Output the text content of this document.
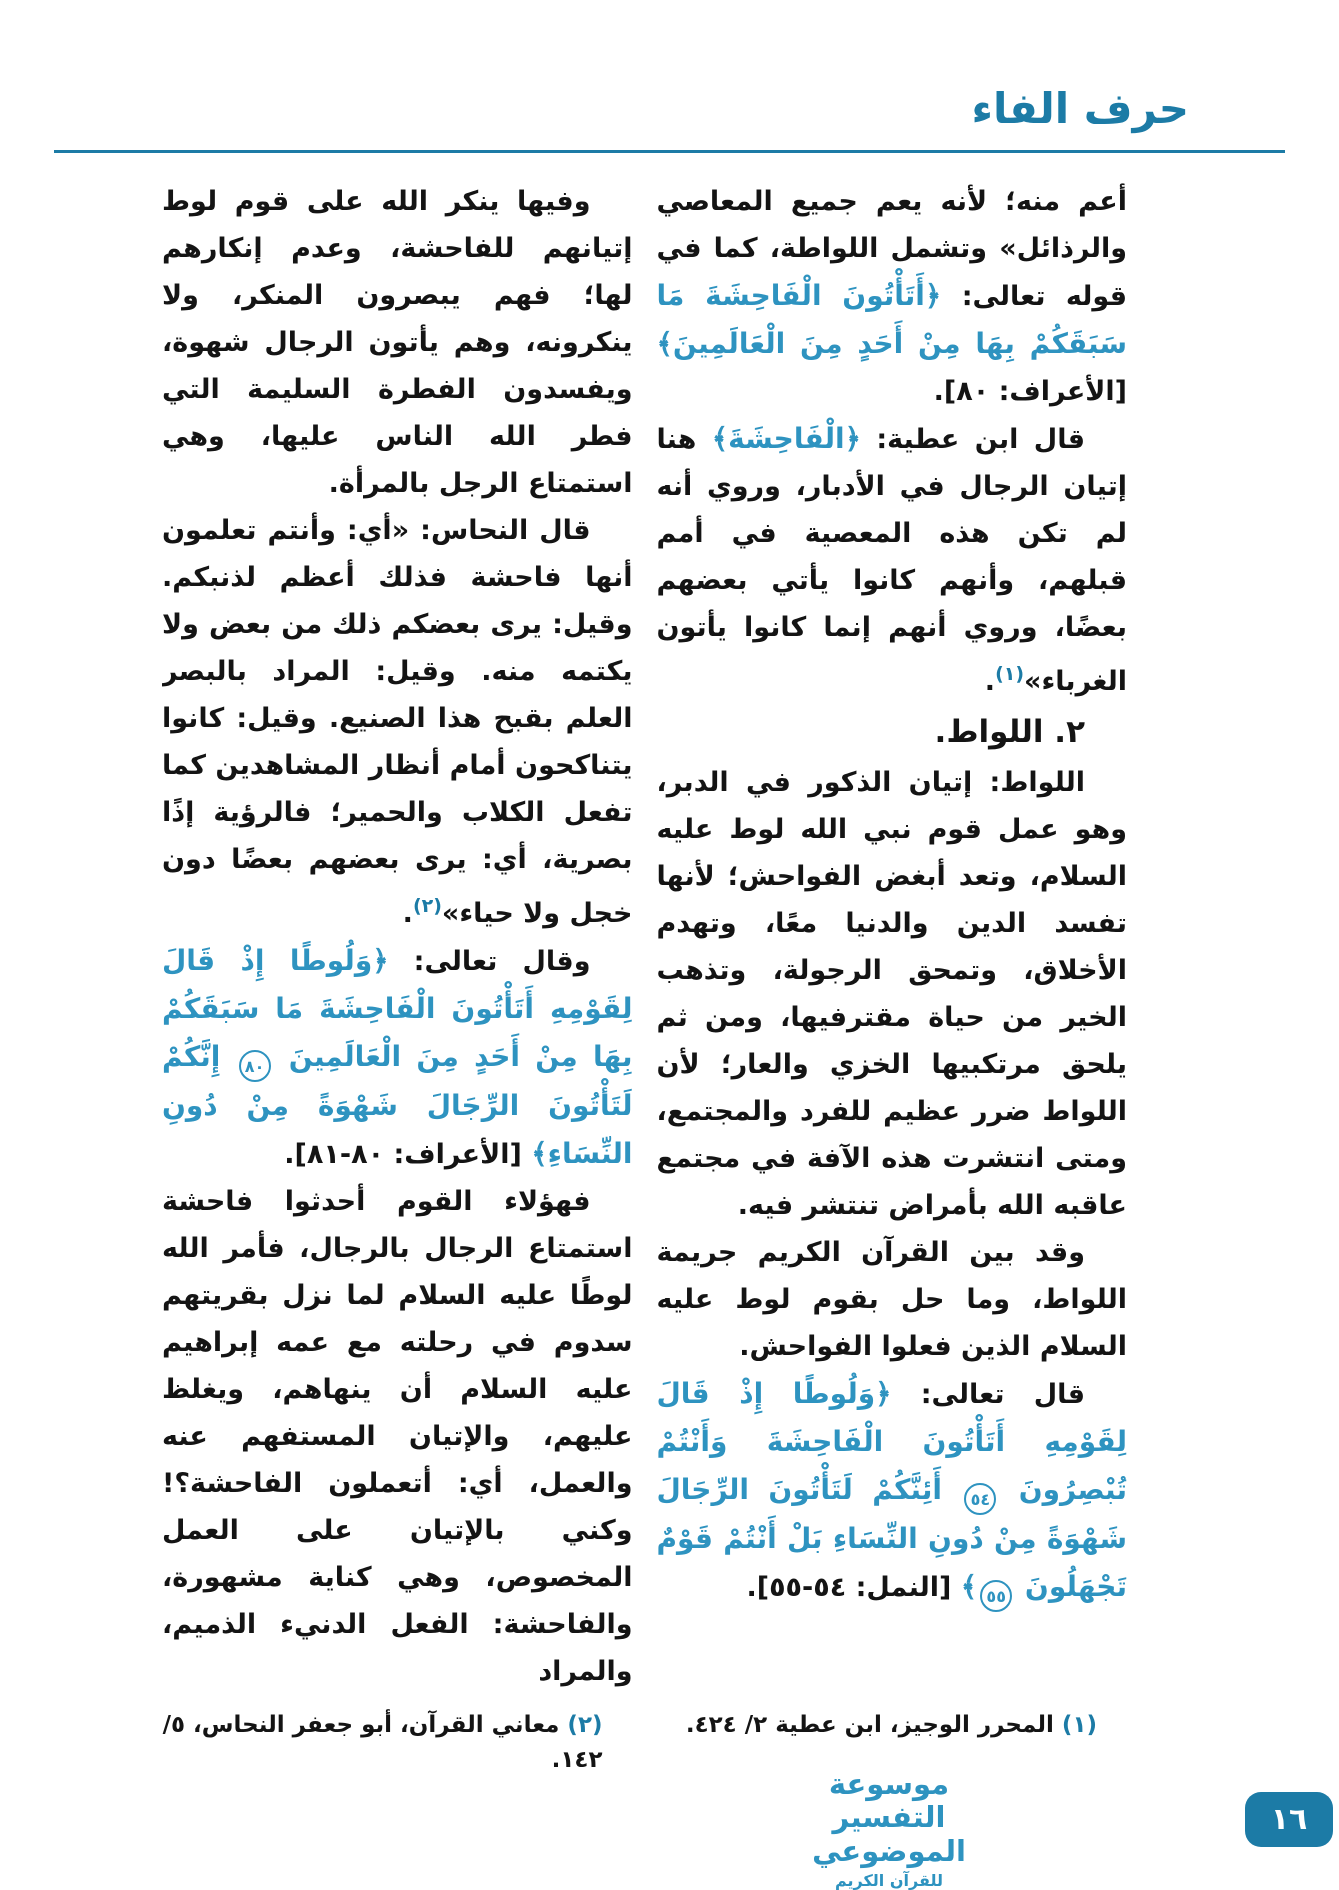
حرف الفاء

أعم منه؛ لأنه يعم جميع المعاصي والرذائل» وتشمل اللواطة، كما في قوله تعالى: ﴿أَتَأْتُونَ الْفَاحِشَةَ مَا سَبَقَكُمْ بِهَا مِنْ أَحَدٍ مِنَ الْعَالَمِينَ﴾ [الأعراف: ٨٠].

قال ابن عطية: ﴿الْفَاحِشَةَ﴾ هنا إتيان الرجال في الأدبار، وروي أنه لم تكن هذه المعصية في أمم قبلهم، وأنهم كانوا يأتي بعضهم بعضًا، وروي أنهم إنما كانوا يأتون الغرباء»$^{(١)}$.

٢. اللواط.

اللواط: إتيان الذكور في الدبر، وهو عمل قوم نبي الله لوط عليه السلام، وتعد أبغض الفواحش؛ لأنها تفسد الدين والدنيا معًا، وتهدم الأخلاق، وتمحق الرجولة، وتذهب الخير من حياة مقترفيها، ومن ثم يلحق مرتكبيها الخزي والعار؛ لأن اللواط ضرر عظيم للفرد والمجتمع، ومتى انتشرت هذه الآفة في مجتمع عاقبه الله بأمراض تنتشر فيه.

وقد بين القرآن الكريم جريمة اللواط، وما حل بقوم لوط عليه السلام الذين فعلوا الفواحش.

قال تعالى: ﴿وَلُوطًا إِذْ قَالَ لِقَوْمِهِ أَتَأْتُونَ الْفَاحِشَةَ وَأَنْتُمْ تُبْصِرُونَ ٥٤ أَئِنَّكُمْ لَتَأْتُونَ الرِّجَالَ شَهْوَةً مِنْ دُونِ النِّسَاءِ بَلْ أَنْتُمْ قَوْمٌ تَجْهَلُونَ ٥٥﴾ [النمل: ٥٤-٥٥].

وفيها ينكر الله على قوم لوط إتيانهم للفاحشة، وعدم إنكارهم لها؛ فهم يبصرون المنكر، ولا ينكرونه، وهم يأتون الرجال شهوة، ويفسدون الفطرة السليمة التي فطر الله الناس عليها، وهي استمتاع الرجل بالمرأة.

قال النحاس: «أي: وأنتم تعلمون أنها فاحشة فذلك أعظم لذنبكم. وقيل: يرى بعضكم ذلك من بعض ولا يكتمه منه. وقيل: المراد بالبصر العلم بقبح هذا الصنيع. وقيل: كانوا يتناكحون أمام أنظار المشاهدين كما تفعل الكلاب والحمير؛ فالرؤية إذًا بصرية، أي: يرى بعضهم بعضًا دون خجل ولا حياء»$^{(٢)}$.

وقال تعالى: ﴿وَلُوطًا إِذْ قَالَ لِقَوْمِهِ أَتَأْتُونَ الْفَاحِشَةَ مَا سَبَقَكُمْ بِهَا مِنْ أَحَدٍ مِنَ الْعَالَمِينَ ٨٠ إِنَّكُمْ لَتَأْتُونَ الرِّجَالَ شَهْوَةً مِنْ دُونِ النِّسَاءِ﴾ [الأعراف: ٨٠-٨١].

فهؤلاء القوم أحدثوا فاحشة استمتاع الرجال بالرجال، فأمر الله لوطًا عليه السلام لما نزل بقريتهم سدوم في رحلته مع عمه إبراهيم عليه السلام أن ينهاهم، ويغلظ عليهم، والإتيان المستفهم عنه والعمل، أي: أتعملون الفاحشة؟! وكني بالإتيان على العمل المخصوص، وهي كناية مشهورة، والفاحشة: الفعل الدنيء الذميم، والمراد

(١)المحرر الوجيز، ابن عطية ٢/ ٤٢٤.
(٢)معاني القرآن، أبو جعفر النحاس، ٥/ ١٤٢.
موسوعة التفسير الموضوعي
للقرآن الكريم
١٦
